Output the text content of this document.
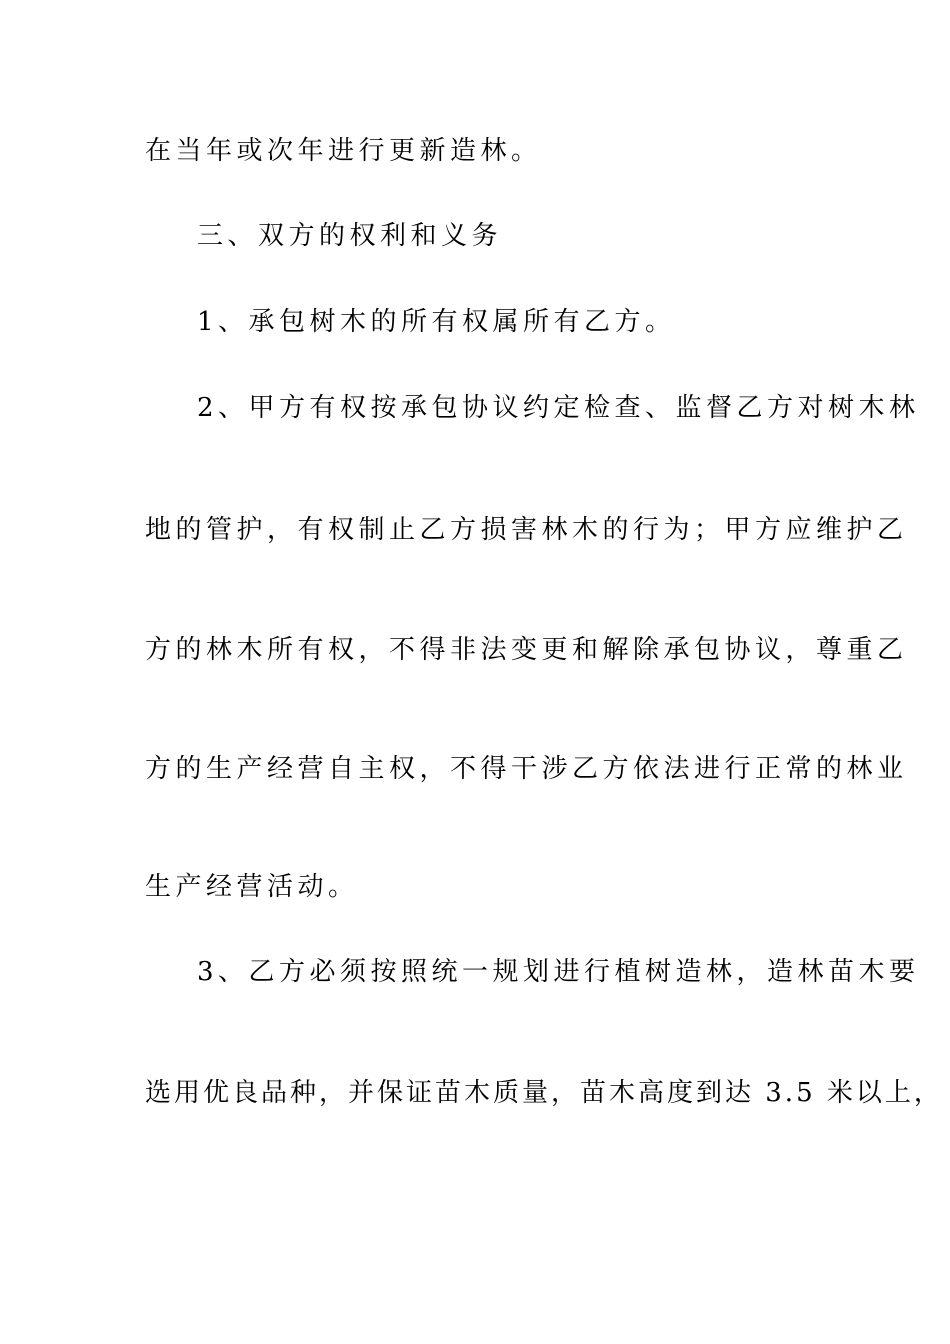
在当年或次年进行更新造林。
三、双方的权利和义务
1、承包树木的所有权属所有乙方。
2、甲方有权按承包协议约定检查、监督乙方对树木林
地的管护，有权制止乙方损害林木的行为；甲方应维护乙
方的林木所有权，不得非法变更和解除承包协议，尊重乙
方的生产经营自主权，不得干涉乙方依法进行正常的林业
生产经营活动。
3、乙方必须按照统一规划进行植树造林，造林苗木要
选用优良品种，并保证苗木质量，苗木高度到达 3.5 米以上，
